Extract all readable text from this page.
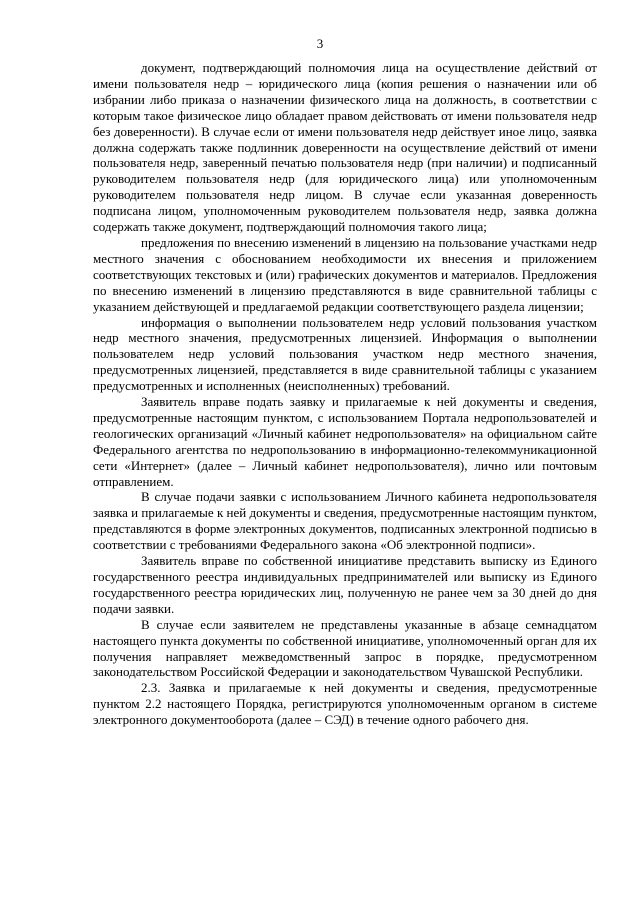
3

документ, подтверждающий полномочия лица на осуществление действий от имени пользователя недр – юридического лица (копия решения о назначении или об избрании либо приказа о назначении физического лица на должность, в соответствии с которым такое физическое лицо обладает правом действовать от имени пользователя недр без доверенности). В случае если от имени пользователя недр действует иное лицо, заявка должна содержать также подлинник доверенности на осуществление действий от имени пользователя недр, заверенный печатью пользователя недр (при наличии) и подписанный руководителем пользователя недр (для юридического лица) или уполномоченным руководителем пользователя недр лицом. В случае если указанная доверенность подписана лицом, уполномоченным руководителем пользователя недр, заявка должна содержать также документ, подтверждающий полномочия такого лица;

предложения по внесению изменений в лицензию на пользование участками недр местного значения с обоснованием необходимости их внесения и приложением соответствующих текстовых и (или) графических документов и материалов. Предложения по внесению изменений в лицензию представляются в виде сравнительной таблицы с указанием действующей и предлагаемой редакции соответствующего раздела лицензии;

информация о выполнении пользователем недр условий пользования участком недр местного значения, предусмотренных лицензией. Информация о выполнении пользователем недр условий пользования участком недр местного значения, предусмотренных лицензией, представляется в виде сравнительной таблицы с указанием предусмотренных и исполненных (неисполненных) требований.

Заявитель вправе подать заявку и прилагаемые к ней документы и сведения, предусмотренные настоящим пунктом, с использованием Портала недропользователей и геологических организаций «Личный кабинет недропользователя» на официальном сайте Федерального агентства по недропользованию в информационно-телекоммуникационной сети «Интернет» (далее – Личный кабинет недропользователя), лично или почтовым отправлением.

В случае подачи заявки с использованием Личного кабинета недропользователя заявка и прилагаемые к ней документы и сведения, предусмотренные настоящим пунктом, представляются в форме электронных документов, подписанных электронной подписью в соответствии с требованиями Федерального закона «Об электронной подписи».

Заявитель вправе по собственной инициативе представить выписку из Единого государственного реестра индивидуальных предпринимателей или выписку из Единого государственного реестра юридических лиц, полученную не ранее чем за 30 дней до дня подачи заявки.

В случае если заявителем не представлены указанные в абзаце семнадцатом настоящего пункта документы по собственной инициативе, уполномоченный орган для их получения направляет межведомственный запрос в порядке, предусмотренном законодательством Российской Федерации и законодательством Чувашской Республики.

2.3. Заявка и прилагаемые к ней документы и сведения, предусмотренные пунктом 2.2 настоящего Порядка, регистрируются уполномоченным органом в системе электронного документооборота (далее – СЭД) в течение одного рабочего дня.
